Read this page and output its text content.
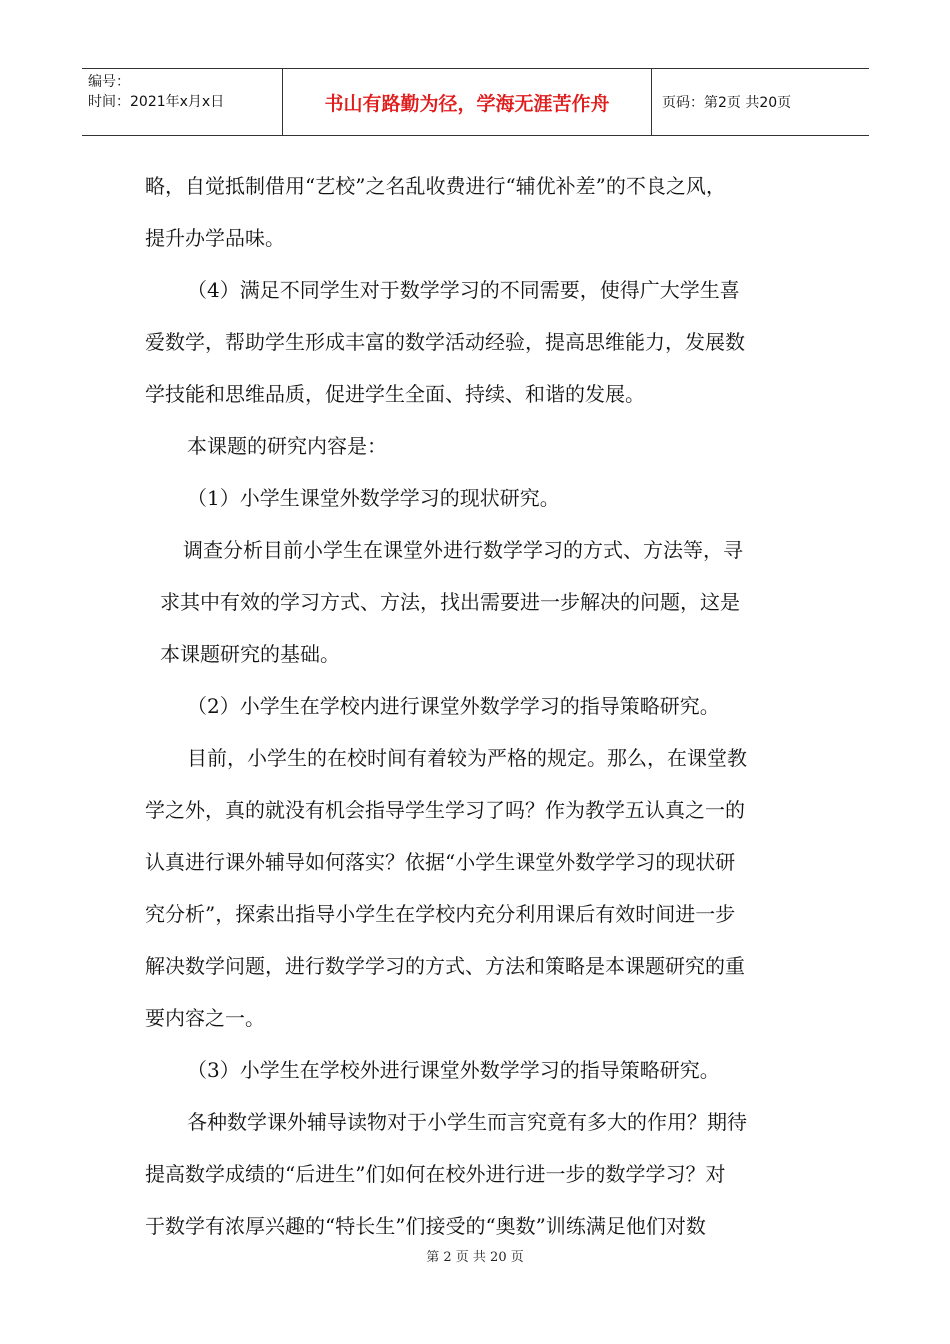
编号：
时间：2021年x月x日	书山有路勤为径，学海无涯苦作舟	页码：第2页 共20页

略，自觉抵制借用“艺校”之名乱收费进行“辅优补差”的不良之风，

提升办学品味。

（4）满足不同学生对于数学学习的不同需要，使得广大学生喜

爱数学，帮助学生形成丰富的数学活动经验，提高思维能力，发展数

学技能和思维品质，促进学生全面、持续、和谐的发展。

本课题的研究内容是：

（1）小学生课堂外数学学习的现状研究。

调查分析目前小学生在课堂外进行数学学习的方式、方法等，寻

求其中有效的学习方式、方法，找出需要进一步解决的问题，这是

本课题研究的基础。

（2）小学生在学校内进行课堂外数学学习的指导策略研究。

目前，小学生的在校时间有着较为严格的规定。那么，在课堂教

学之外，真的就没有机会指导学生学习了吗？作为教学五认真之一的

认真进行课外辅导如何落实？依据“小学生课堂外数学学习的现状研

究分析”，探索出指导小学生在学校内充分利用课后有效时间进一步

解决数学问题，进行数学学习的方式、方法和策略是本课题研究的重

要内容之一。

（3）小学生在学校外进行课堂外数学学习的指导策略研究。

各种数学课外辅导读物对于小学生而言究竟有多大的作用？期待

提高数学成绩的“后进生”们如何在校外进行进一步的数学学习？对

于数学有浓厚兴趣的“特长生”们接受的“奥数”训练满足他们对数

第 2 页 共 20 页
